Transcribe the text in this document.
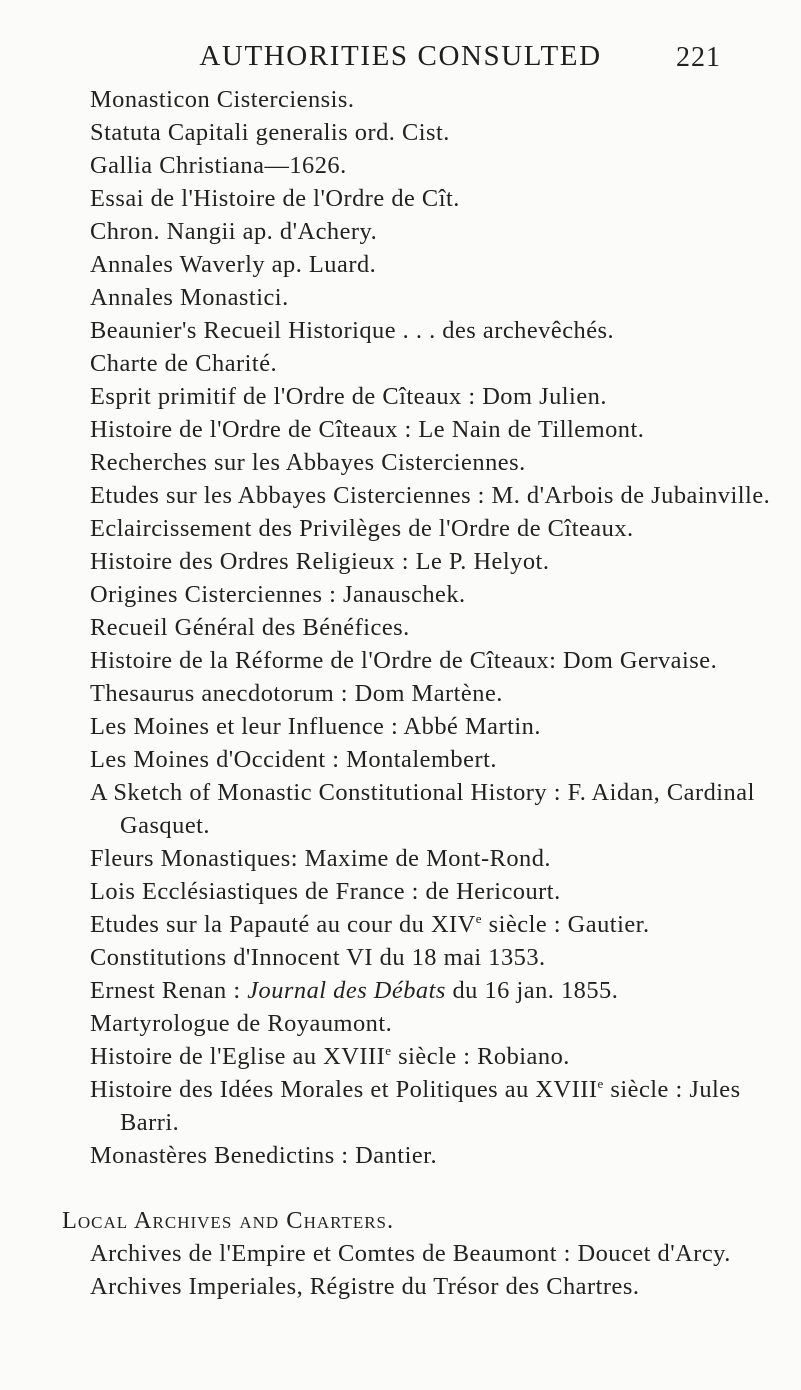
AUTHORITIES CONSULTED	221
Monasticon Cisterciensis.
Statuta Capitali generalis ord. Cist.
Gallia Christiana—1626.
Essai de l'Histoire de l'Ordre de Cît.
Chron. Nangii ap. d'Achery.
Annales Waverly ap. Luard.
Annales Monastici.
Beaunier's Recueil Historique . . . des archevêchés.
Charte de Charité.
Esprit primitif de l'Ordre de Cîteaux : Dom Julien.
Histoire de l'Ordre de Cîteaux : Le Nain de Tillemont.
Recherches sur les Abbayes Cisterciennes.
Etudes sur les Abbayes Cisterciennes : M. d'Arbois de Jubainville.
Eclaircissement des Privilèges de l'Ordre de Cîteaux.
Histoire des Ordres Religieux : Le P. Helyot.
Origines Cisterciennes : Janauschek.
Recueil Général des Bénéfices.
Histoire de la Réforme de l'Ordre de Cîteaux: Dom Gervaise.
Thesaurus anecdotorum : Dom Martène.
Les Moines et leur Influence : Abbé Martin.
Les Moines d'Occident : Montalembert.
A Sketch of Monastic Constitutional History : F. Aidan, Cardinal Gasquet.
Fleurs Monastiques: Maxime de Mont-Rond.
Lois Ecclésiastiques de France : de Hericourt.
Etudes sur la Papauté au cour du XIVe siècle : Gautier.
Constitutions d'Innocent VI du 18 mai 1353.
Ernest Renan : Journal des Débats du 16 jan. 1855.
Martyrologue de Royaumont.
Histoire de l'Eglise au XVIIIe siècle : Robiano.
Histoire des Idées Morales et Politiques au XVIIIe siècle : Jules Barri.
Monastères Benedictins : Dantier.
Local Archives and Charters.
Archives de l'Empire et Comtes de Beaumont : Doucet d'Arcy.
Archives Imperiales, Régistre du Trésor des Chartres.
